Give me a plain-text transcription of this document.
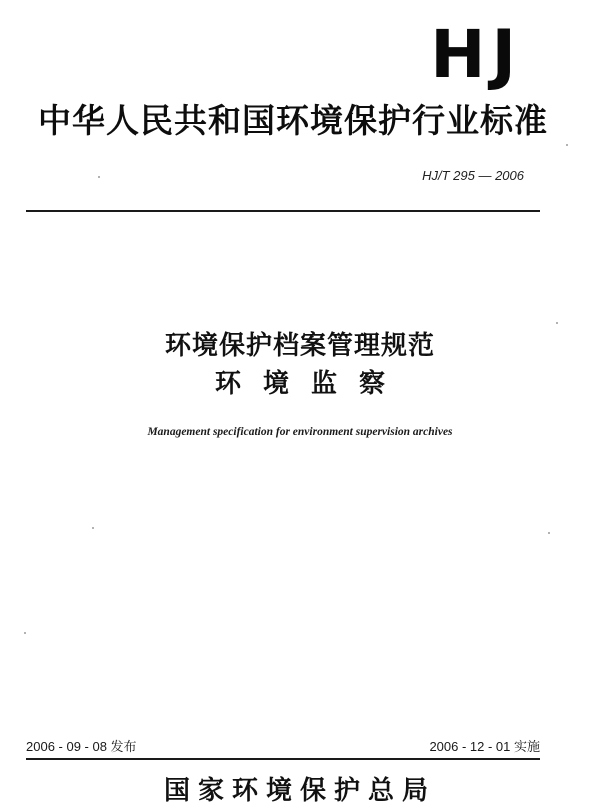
HJ
中华人民共和国环境保护行业标准
HJ/T 295 — 2006
环境保护档案管理规范
环境监察
Management specification for environment supervision archives
2006 - 09 - 08 发布	2006 - 12 - 01 实施
国家环境保护总局
